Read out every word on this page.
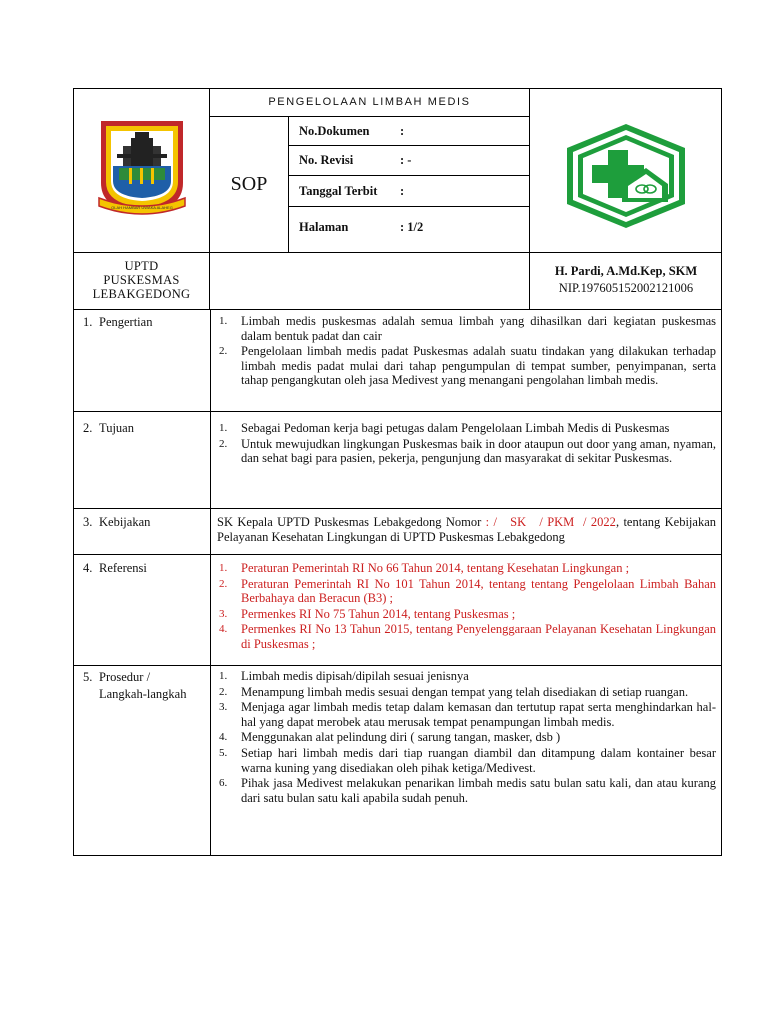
OLAH HAMBAR UWAKA ALAHEG
PENGELOLAAN LIMBAH MEDIS
SOP
No.Dokumen :
No. Revisi	: -
Tanggal Terbit :
Halaman	: 1/2
UPTD
PUSKESMAS
LEBAKGEDONG
H. Pardi, A.Md.Kep, SKM
NIP.197605152002121006
1. Pengertian	1. Limbah medis puskesmas adalah semua limbah yang dihasilkan dari kegiatan puskesmas dalam bentuk padat dan cair
2. Pengelolaan limbah medis padat Puskesmas adalah suatu tindakan yang dilakukan terhadap limbah medis padat mulai dari tahap pengumpulan di tempat sumber, penyimpanan, serta tahap pengangkutan oleh jasa Medivest yang menangani pengolahan limbah medis.
2. Tujuan	1. Sebagai Pedoman kerja bagi petugas dalam Pengelolaan Limbah Medis di Puskesmas
2. Untuk mewujudkan lingkungan Puskesmas baik in door ataupun out door yang aman, nyaman, dan sehat bagi para pasien, pekerja, pengunjung dan masyarakat di sekitar Puskesmas.
3. Kebijakan	SK Kepala UPTD Puskesmas Lebakgedong Nomor : /   SK   / PKM  / 2022, tentang Kebijakan Pelayanan Kesehatan Lingkungan di UPTD Puskesmas Lebakgedong
4. Referensi	1. Peraturan Pemerintah RI No 66 Tahun 2014, tentang Kesehatan Lingkungan ;
2. Peraturan Pemerintah RI No 101 Tahun 2014, tentang tentang Pengelolaan Limbah Bahan Berbahaya dan Beracun (B3) ;
3. Permenkes RI No 75 Tahun 2014, tentang Puskesmas ;
4. Permenkes RI No 13 Tahun 2015, tentang Penyelenggaraan Pelayanan Kesehatan Lingkungan di Puskesmas ;
5. Prosedur /
Langkah-langkah
1. Limbah medis dipisah/dipilah sesuai jenisnya
2. Menampung limbah medis sesuai dengan tempat yang telah disediakan di setiap ruangan.
3. Menjaga agar limbah medis tetap dalam kemasan dan tertutup rapat serta menghindarkan hal-hal yang dapat merobek atau merusak tempat penampungan limbah medis.
4. Menggunakan alat pelindung diri ( sarung tangan, masker, dsb )
5. Setiap hari limbah medis dari tiap ruangan diambil dan ditampung dalam kontainer besar warna kuning yang disediakan oleh pihak ketiga/Medivest.
6. Pihak jasa Medivest melakukan penarikan limbah medis satu bulan satu kali, dan atau kurang dari satu bulan satu kali apabila sudah penuh.
